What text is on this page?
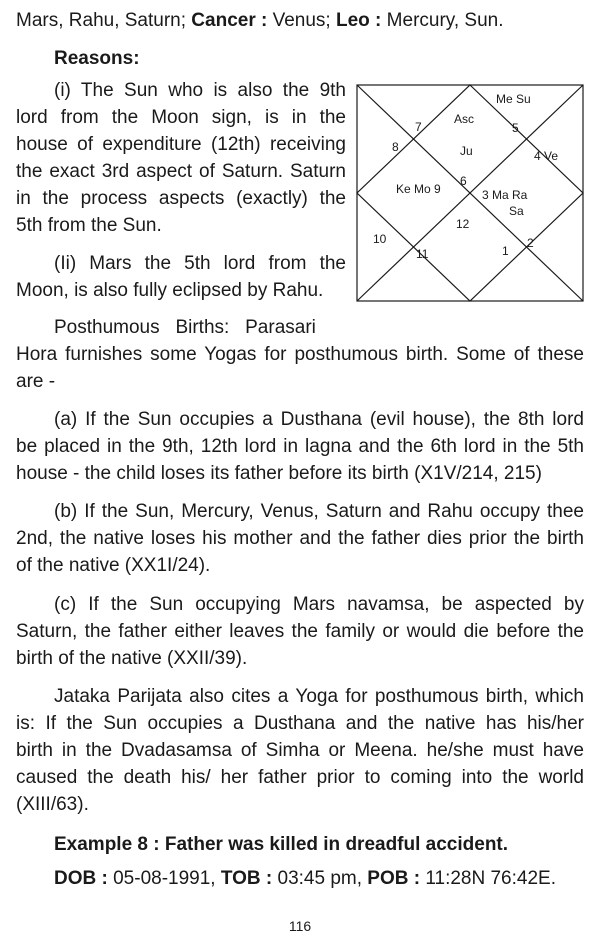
Mars, Rahu, Saturn; Cancer : Venus; Leo : Mercury, Sun.
Reasons:
(i) The Sun who is also the 9th
lord from the Moon sign, is in the
house of expenditure (12th) receiving
the exact 3rd aspect of Saturn. Saturn
in the process aspects (exactly) the
5th from the Sun.
(Ii) Mars the 5th lord from the
Moon, is also fully eclipsed by Rahu.
Posthumous   Births:   Parasari
Me Su
5
4 Ve
Asc
Ju
7
8
6
Ke Mo 9	3 Ma Ra
Sa
12
10
11	1
2
Hora furnishes some Yogas for posthumous birth. Some of these
are -
(a) If the Sun occupies a Dusthana (evil house), the 8th lord
be placed in the 9th, 12th lord in lagna and the 6th lord in the 5th
house - the child loses its father before its birth (X1V/214, 215)
(b) If the Sun, Mercury, Venus, Saturn and Rahu occupy thee
2nd, the native loses his mother and the father dies prior the birth
of the native (XX1I/24).
(c) If the Sun occupying Mars navamsa, be aspected by
Saturn, the father either leaves the family or would die before the
birth of the native (XXII/39).
Jataka Parijata also cites a Yoga for posthumous birth, which
is: If the Sun occupies a Dusthana and the native has his/her
birth in the Dvadasamsa of Simha or Meena. he/she must have
caused the death his/ her father prior to coming into the world
(XIII/63).
Example 8 : Father was killed in dreadful accident.
DOB : 05-08-1991, TOB : 03:45 pm, POB : 11:28N 76:42E.
116
